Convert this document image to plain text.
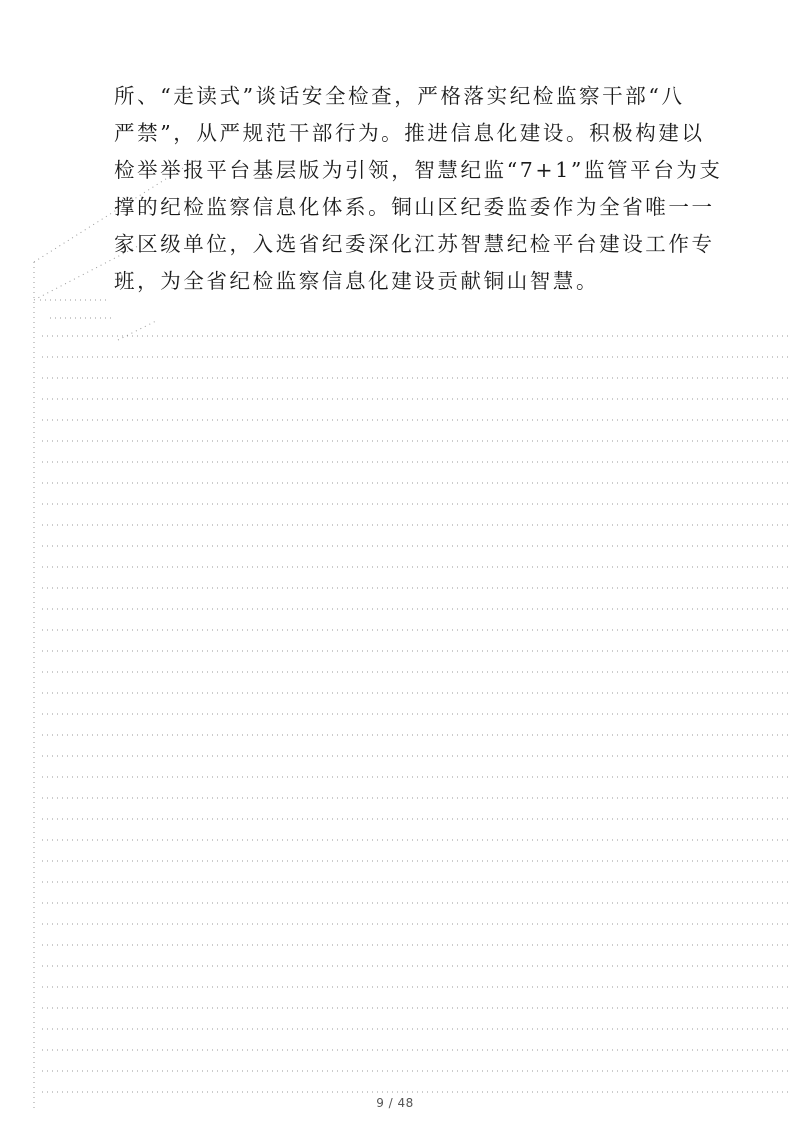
所、“走读式”谈话安全检查，严格落实纪检监察干部“八
严禁”，从严规范干部行为。推进信息化建设。积极构建以
检举举报平台基层版为引领，智慧纪监“7+1”监管平台为支
撑的纪检监察信息化体系。铜山区纪委监委作为全省唯一一
家区级单位，入选省纪委深化江苏智慧纪检平台建设工作专
班，为全省纪检监察信息化建设贡献铜山智慧。

9 / 48
